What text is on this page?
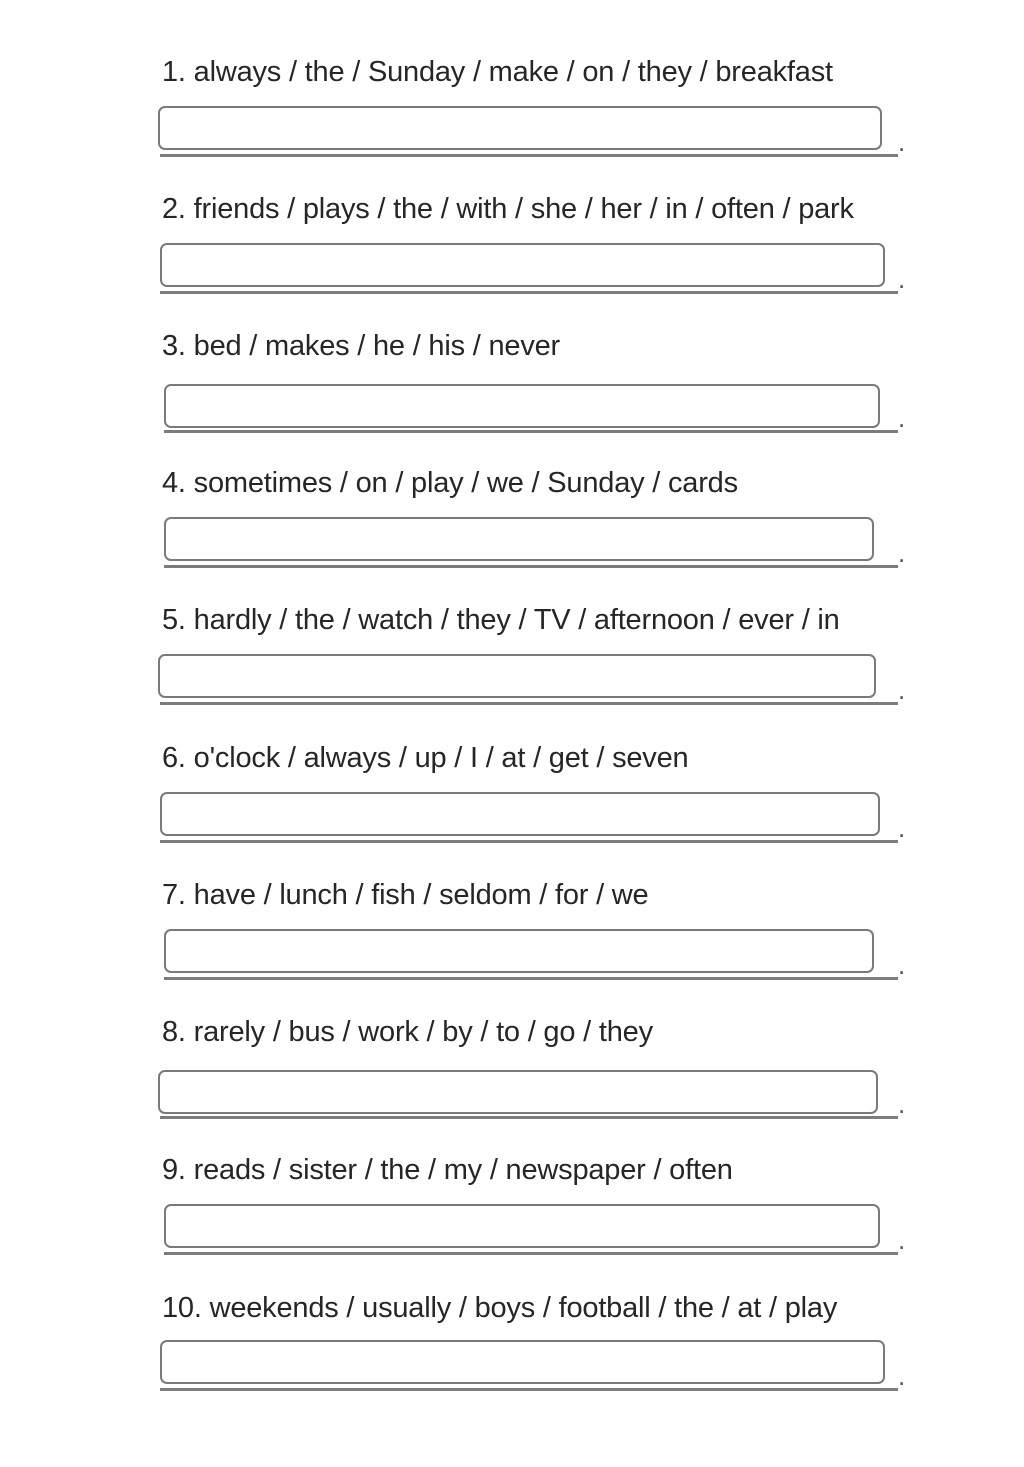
1. always / the / Sunday / make / on / they / breakfast
.
2. friends / plays / the / with / she / her / in / often / park
.
3. bed / makes / he / his / never
.
4. sometimes / on / play / we / Sunday / cards
.
5. hardly / the / watch / they / TV / afternoon / ever / in
.
6. o'clock / always / up / I / at / get / seven
.
7. have / lunch / fish / seldom / for / we
.
8. rarely / bus / work / by / to / go / they
.
9. reads / sister / the / my / newspaper / often
.
10. weekends / usually / boys / football / the / at / play
.
